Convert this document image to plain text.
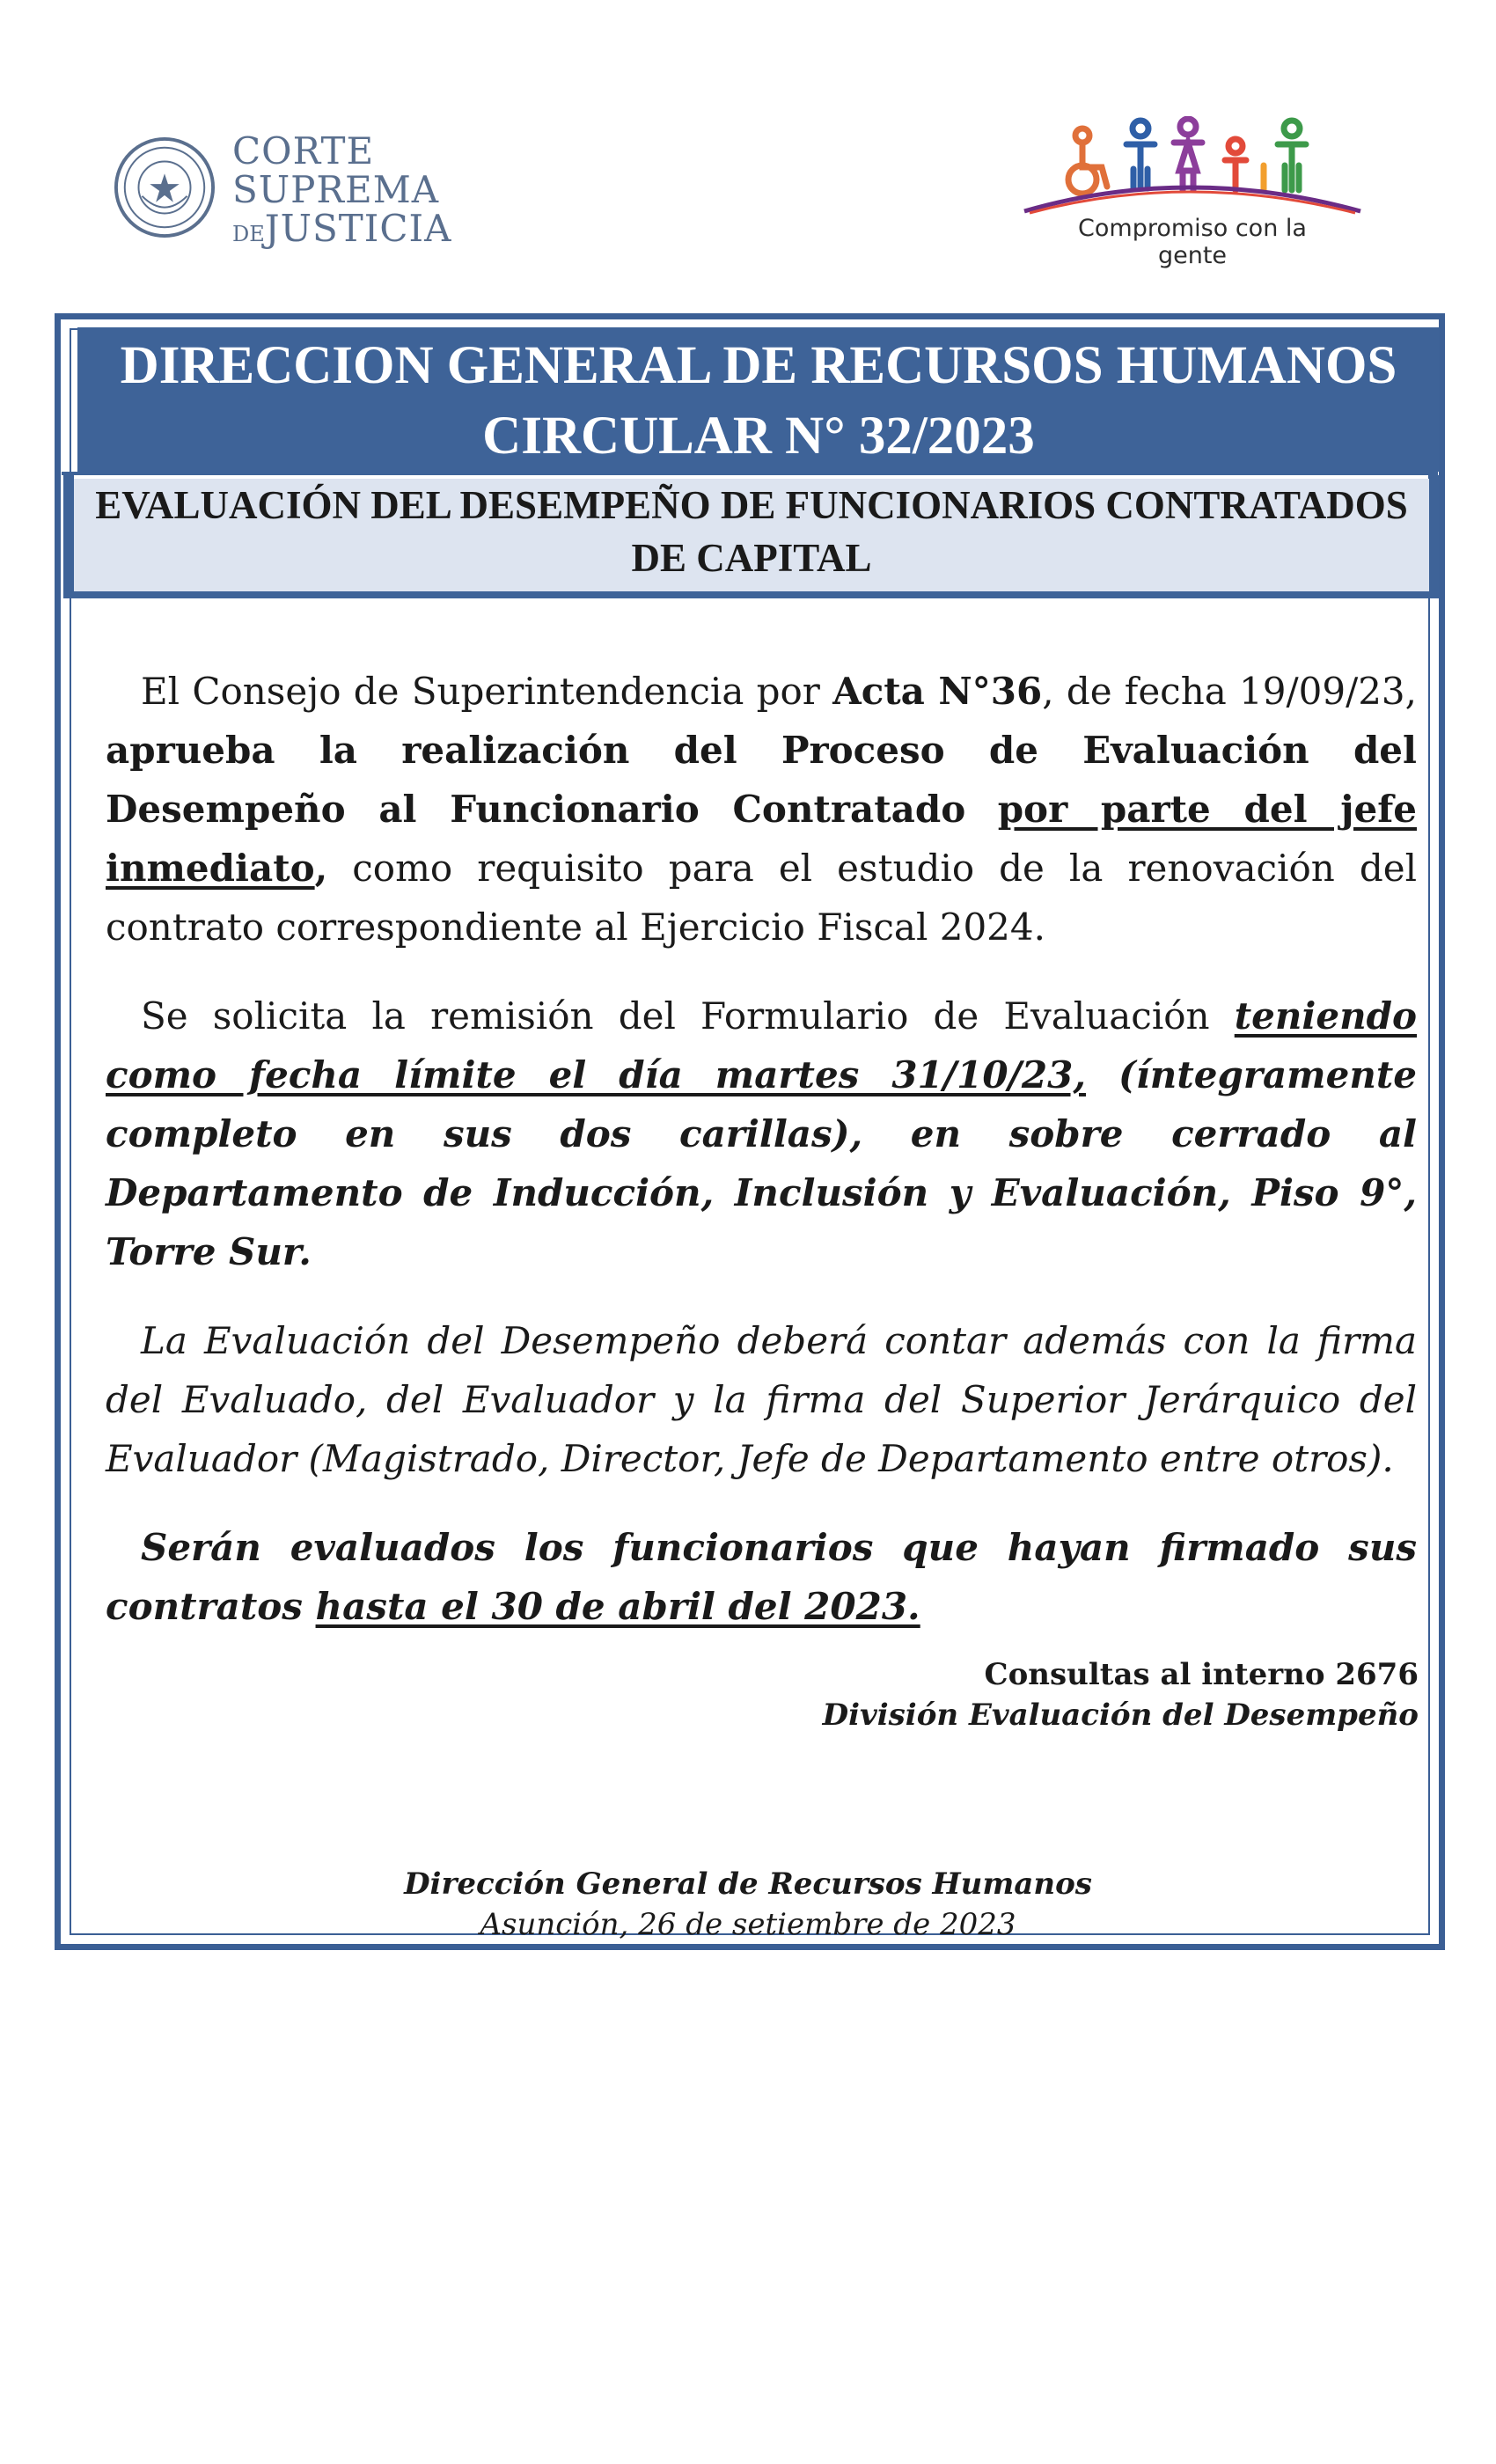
CORTE
SUPREMA
DEJUSTICIA	Compromiso con la gente
DIRECCION GENERAL DE RECURSOS HUMANOS
CIRCULAR N° 32/2023
EVALUACIÓN DEL DESEMPEÑO DE FUNCIONARIOS CONTRATADOS
DE CAPITAL

El Consejo de Superintendencia por Acta N°36, de fecha 19/09/23, aprueba la realización del Proceso de Evaluación del Desempeño al Funcionario Contratado por parte del jefe inmediato, como requisito para el estudio de la renovación del contrato correspondiente al Ejercicio Fiscal 2024.

Se solicita la remisión del Formulario de Evaluación teniendo como fecha límite el día martes 31/10/23, (íntegramente completo en sus dos carillas), en sobre cerrado al Departamento de Inducción, Inclusión y Evaluación, Piso 9°, Torre Sur.

La Evaluación del Desempeño deberá contar además con la firma del Evaluado, del Evaluador y la firma del Superior Jerárquico del Evaluador (Magistrado, Director, Jefe de Departamento entre otros).

Serán evaluados los funcionarios que hayan firmado sus contratos hasta el 30 de abril del 2023.

Consultas al interno 2676
División Evaluación del Desempeño
Dirección General de Recursos Humanos
Asunción, 26 de setiembre de 2023
